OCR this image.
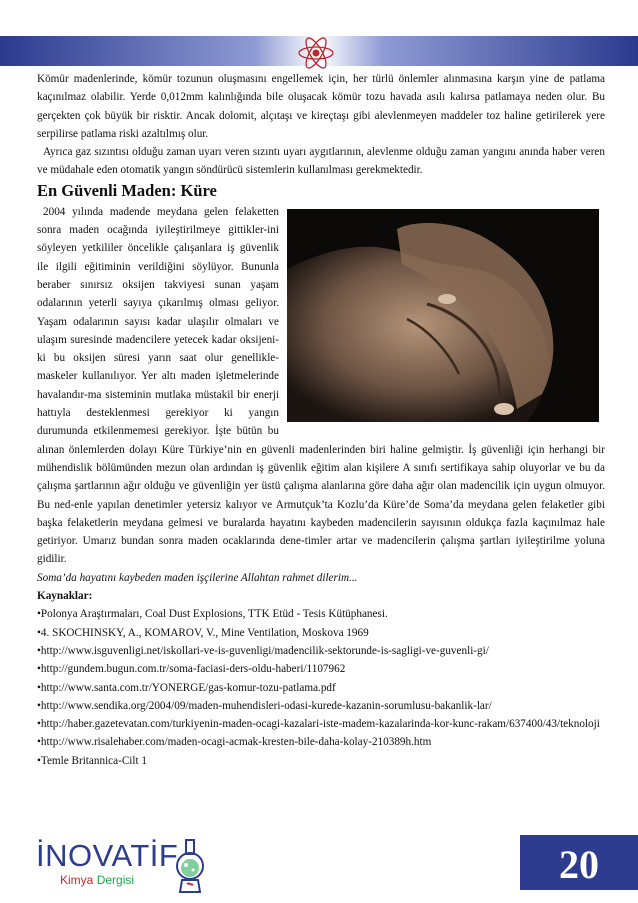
Kömür madenlerinde, kömür tozunun oluşmasını engellemek için, her türlü önlemler alınmasına karşın yine de patlama kaçınılmaz olabilir. Yerde 0,012mm kalınlığında bile oluşacak kömür tozu havada asılı kalırsa patlamaya neden olur. Bu gerçekten çok büyük bir risktir. Ancak dolomit, alçıtaşı ve kireçtaşı gibi alevlenmeyen maddeler toz haline getirilerek yere serpilirse patlama riski azaltılmış olur.

Ayrıca gaz sızıntısı olduğu zaman uyarı veren sızıntı uyarı aygıtlarının, alevlenme olduğu zaman yangını anında haber veren ve müdahale eden otomatik yangın söndürücü sistemlerin kullanılması gerekmektedir.

En Güvenli Maden: Küre

2004 yılında madende meydana gelen felaketten sonra maden ocağında iyileştirilmeye gittikler-ini söyleyen yetkililer öncelikle çalışanlara iş güvenlik ile ilgili eğitiminin verildiğini söylüyor. Bununla beraber sınırsız oksijen takviyesi sunan yaşam odalarının yeterli sayıya çıkarılmış olması geliyor. Yaşam odalarının sayısı kadar ulaşılır olmaları ve ulaşım suresinde madencilere yetecek kadar oksijeni-ki bu oksijen süresi yarın saat olur genellikle-maskeler kullanılıyor. Yer altı maden işletmelerinde havalandır-ma sisteminin mutlaka müstakil bir enerji hattıyla desteklenmesi gerekiyor ki yangın durumunda etkilenmemesi gerekiyor. İşte bütün bu alınan önlemlerden dolayı Küre Türkiye’nin en güvenli madenlerinden biri haline gelmiştir. İş güvenliği için herhangi bir mühendislik bölümünden mezun olan ardından iş güvenlik eğitim alan kişilere A sınıfı sertifikaya sahip oluyorlar ve bu da çalışma şartlarının ağır olduğu ve güvenliğin yer üstü çalışma alanlarına göre daha ağır olan madencilik için uygun olmuyor. Bu ned-enle yapılan denetimler yetersiz kalıyor ve Armutçuk’ta Kozlu’da Küre’de Soma’da meydana gelen felaketler gibi başka felaketlerin meydana gelmesi ve buralarda hayatını kaybeden madencilerin sayısının oldukça fazla kaçınılmaz hale getiriyor. Umarız bundan sonra maden ocaklarında dene-timler artar ve madencilerin çalışma şartları iyileştirilme yoluna gidilir.

Soma’da hayatını kaybeden maden işçilerine Allahtan rahmet dilerim...

Kaynaklar:

•Polonya Araştırmaları, Coal Dust Explosions, TTK Etüd - Tesis Kütüphanesi.

•4. SKOCHINSKY, A., KOMAROV, V., Mine Ventilation, Moskova 1969

•http://www.isguvenligi.net/iskollari-ve-is-guvenligi/madencilik-sektorunde-is-sagligi-ve-guvenli-gi/

•http://gundem.bugun.com.tr/soma-faciasi-ders-oldu-haberi/1107962

•http://www.santa.com.tr/YONERGE/gas-komur-tozu-patlama.pdf

•http://www.sendika.org/2004/09/maden-muhendisleri-odasi-kurede-kazanin-sorumlusu-bakanlik-lar/

•http://haber.gazetevatan.com/turkiyenin-maden-ocagi-kazalari-iste-madem-kazalarinda-kor-kunc-rakam/637400/43/teknoloji

•http://www.risalehaber.com/maden-ocagi-acmak-kresten-bile-daha-kolay-210389h.htm

•Temle Britannica-Cilt 1

İNOVATİF
Kimya Dergisi	20
